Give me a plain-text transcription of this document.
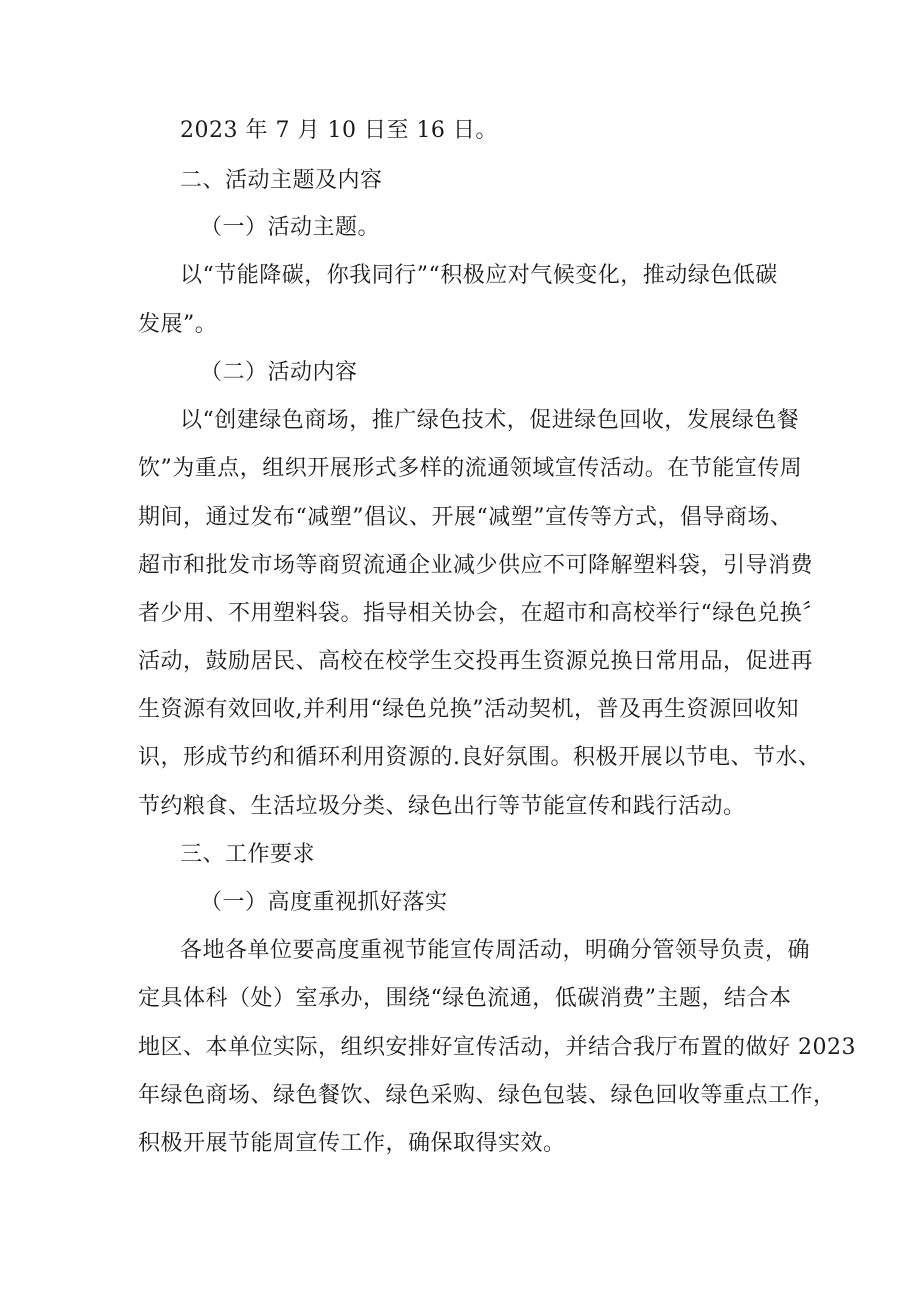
2023 年 7 月 10 日至 16 日。
二、活动主题及内容
（一）活动主题。
以“节能降碳，你我同行”“积极应对气候变化，推动绿色低碳
发展”。
（二）活动内容
以“创建绿色商场，推广绿色技术，促进绿色回收，发展绿色餐
饮”为重点，组织开展形式多样的流通领域宣传活动。在节能宣传周
期间，通过发布“减塑”倡议、开展“减塑”宣传等方式，倡导商场、
超市和批发市场等商贸流通企业减少供应不可降解塑料袋，引导消费
者少用、不用塑料袋。指导相关协会，在超市和高校举行“绿色兑换〞
活动，鼓励居民、高校在校学生交投再生资源兑换日常用品，促进再
生资源有效回收,并利用“绿色兑换”活动契机，普及再生资源回收知
识，形成节约和循环利用资源的.良好氛围。积极开展以节电、节水、
节约粮食、生活垃圾分类、绿色出行等节能宣传和践行活动。
三、工作要求
（一）高度重视抓好落实
各地各单位要高度重视节能宣传周活动，明确分管领导负责，确
定具体科（处）室承办，围绕“绿色流通，低碳消费”主题，结合本
地区、本单位实际，组织安排好宣传活动，并结合我厅布置的做好 2023
年绿色商场、绿色餐饮、绿色采购、绿色包装、绿色回收等重点工作，
积极开展节能周宣传工作，确保取得实效。
